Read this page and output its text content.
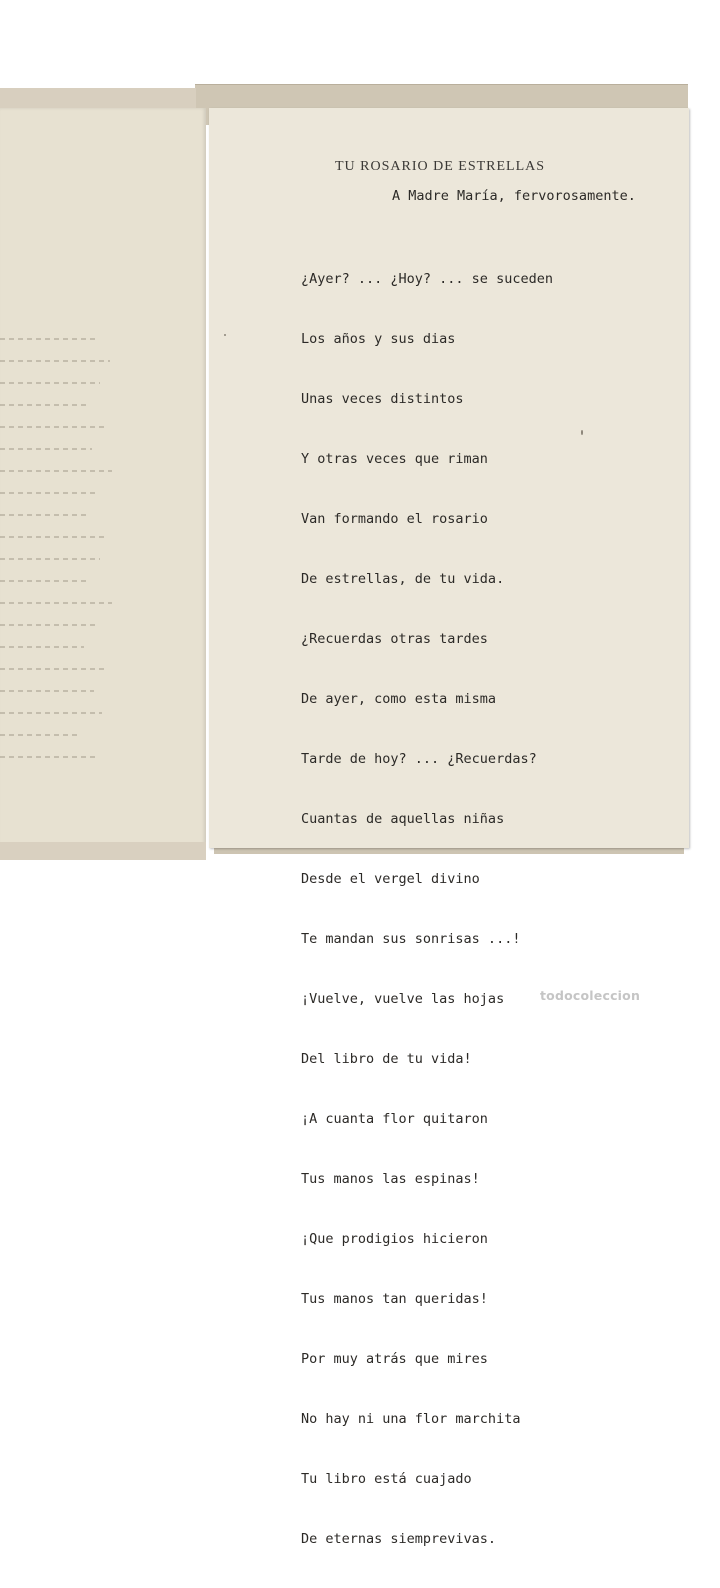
TU ROSARIO DE ESTRELLAS
A Madre María, fervorosamente.

¿Ayer? ... ¿Hoy? ... se suceden

Los años y sus dias

Unas veces distintos

Y otras veces que riman

Van formando el rosario

De estrellas, de tu vida.

¿Recuerdas otras tardes

De ayer, como esta misma

Tarde de hoy? ... ¿Recuerdas?

Cuantas de aquellas niñas

Desde el vergel divino

Te mandan sus sonrisas ...!

¡Vuelve, vuelve las hojas

Del libro de tu vida!

¡A cuanta flor quitaron

Tus manos las espinas!

¡Que prodigios hicieron

Tus manos tan queridas!

Por muy atrás que mires

No hay ni una flor marchita

Tu libro está cuajado

De eternas siemprevivas.

todocoleccion
